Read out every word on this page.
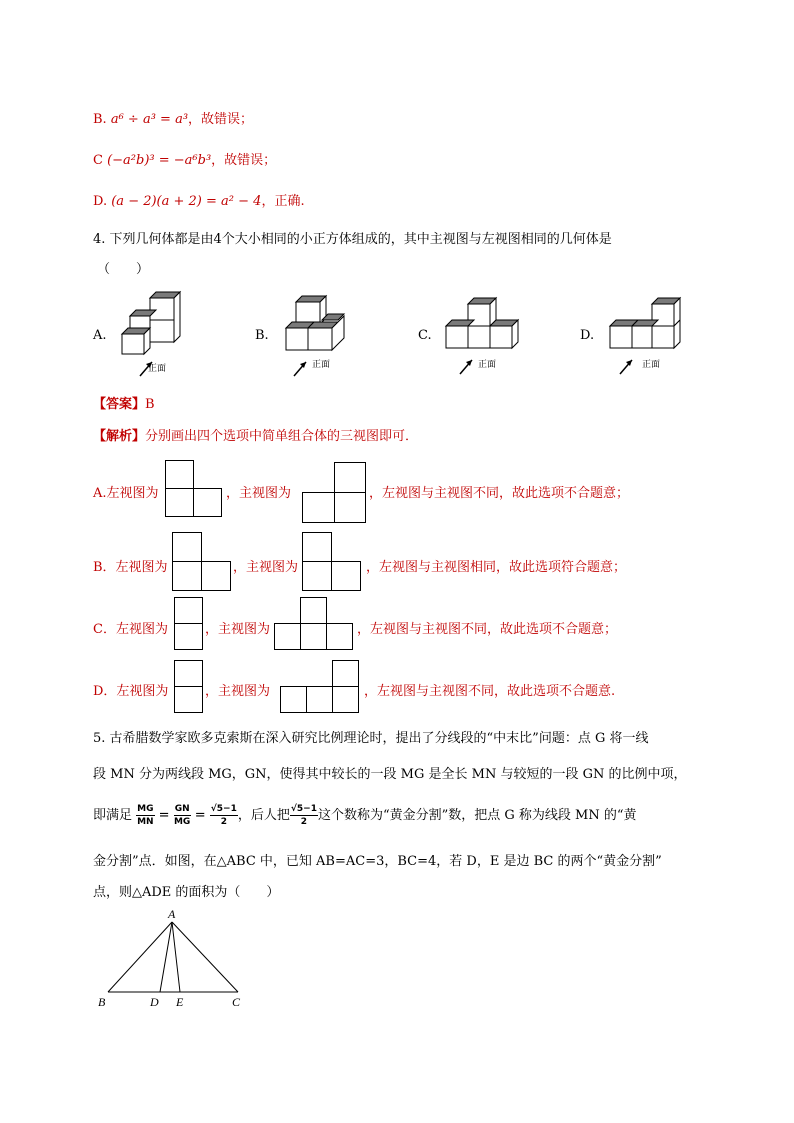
B. a⁶ ÷ a³ = a³，故错误；
C (−a²b)³ = −a⁶b³，故错误；
D. (a − 2)(a + 2) = a² − 4，正确.
4. 下列几何体都是由4个大小相同的小正方体组成的，其中主视图与左视图相同的几何体是
（　　）
A.	B.	C.	D.
正面	正面	正面	正面
【答案】B
【解析】分别画出四个选项中简单组合体的三视图即可．
A.左视图为	，主视图为	，左视图与主视图不同，故此选项不合题意；
B．左视图为	，主视图为	，左视图与主视图相同，故此选项符合题意；
C．左视图为	，主视图为	，左视图与主视图不同，故此选项不合题意；
D．左视图为	，主视图为	，左视图与主视图不同，故此选项不合题意.
5. 古希腊数学家欧多克索斯在深入研究比例理论时，提出了分线段的“中末比”问题：点 G 将一线
段 MN 分为两线段 MG，GN，使得其中较长的一段 MG 是全长 MN 与较短的一段 GN 的比例中项，
即满足 $\frac{MG}{MN} = \frac{GN}{MG} = \frac{√5-1}{2}$ ，后人把 $\frac{√5-1}{2}$ 这个数称为“黄金分割”数，把点 G 称为线段 MN 的“黄
金分割”点．如图，在△ABC 中，已知 AB=AC=3，BC=4，若 D，E 是边 BC 的两个“黄金分割”
点，则△ADE 的面积为（　　）
A
B	D E	C
